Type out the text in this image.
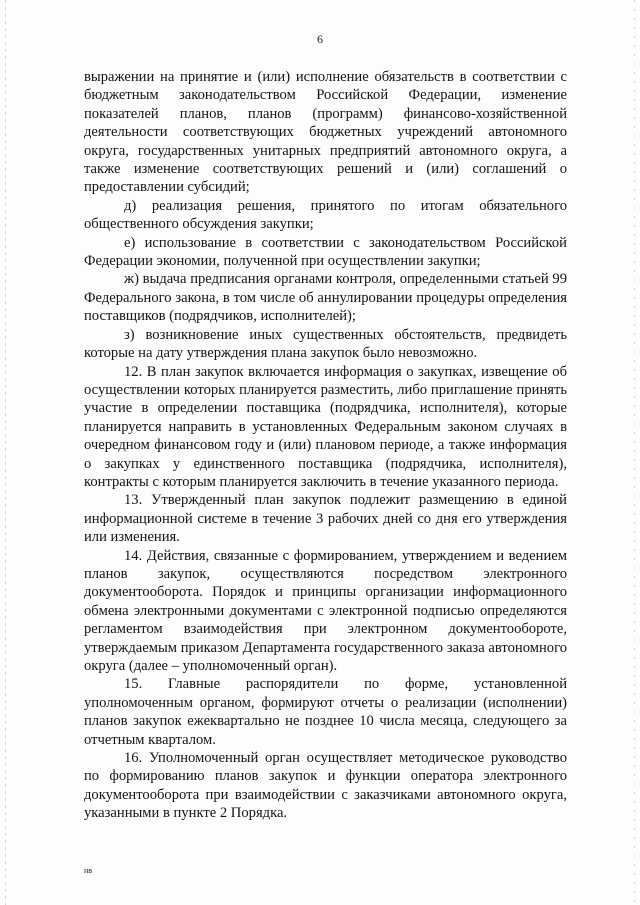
6

выражении на принятие и (или) исполнение обязательств в соответствии с бюджетным законодательством Российской Федерации, изменение показателей планов, планов (программ) финансово-хозяйственной деятельности соответствующих бюджетных учреждений автономного округа, государственных унитарных предприятий автономного округа, а также изменение соответствующих решений и (или) соглашений о предоставлении субсидий;

д) реализация решения, принятого по итогам обязательного общественного обсуждения закупки;

е) использование в соответствии с законодательством Российской Федерации экономии, полученной при осуществлении закупки;

ж) выдача предписания органами контроля, определенными статьей 99 Федерального закона, в том числе об аннулировании процедуры определения поставщиков (подрядчиков, исполнителей);

з) возникновение иных существенных обстоятельств, предвидеть которые на дату утверждения плана закупок было невозможно.

12. В план закупок включается информация о закупках, извещение об осуществлении которых планируется разместить, либо приглашение принять участие в определении поставщика (подрядчика, исполнителя), которые планируется направить в установленных Федеральным законом случаях в очередном финансовом году и (или) плановом периоде, а также информация о закупках у единственного поставщика (подрядчика, исполнителя), контракты с которым планируется заключить в течение указанного периода.

13. Утвержденный план закупок подлежит размещению в единой информационной системе в течение 3 рабочих дней со дня его утверждения или изменения.

14. Действия, связанные с формированием, утверждением и ведением планов закупок, осуществляются посредством электронного документооборота. Порядок и принципы организации информационного обмена электронными документами с электронной подписью определяются регламентом взаимодействия при электронном документообороте, утверждаемым приказом Департамента государственного заказа автономного округа (далее – уполномоченный орган).

15. Главные распорядители по форме, установленной уполномоченным органом, формируют отчеты о реализации (исполнении) планов закупок ежеквартально не позднее 10 числа месяца, следующего за отчетным кварталом.

16. Уполномоченный орган осуществляет методическое руководство по формированию планов закупок и функции оператора электронного документооборота при взаимодействии с заказчиками автономного округа, указанными в пункте 2 Порядка.

нв
